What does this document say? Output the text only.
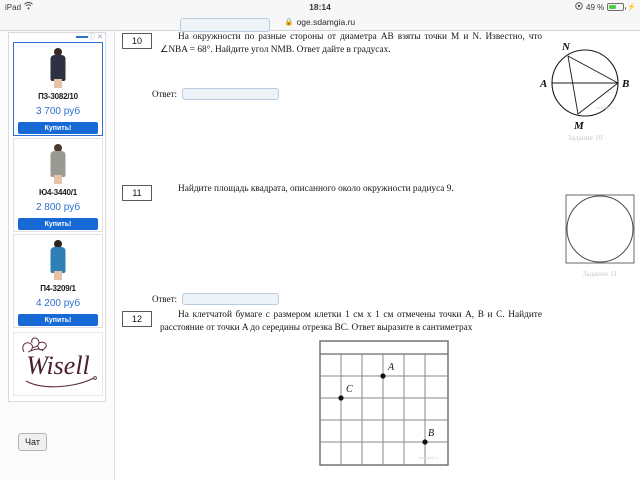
iPad	18:14	49 %	⚡
🔒 oge.sdamgia.ru
ⓘ ✕
П3-3082/10
3 700 руб
Купить!
Ю4-3440/1
2 800 руб
Купить!
П4-3209/1
4 200 руб
Купить!
Wisell
Чат
10	На окружности по разные стороны от диаметра AB взяты точки M и N. Известно, что ∠NBA = 68°. Найдите угол NMB. Ответ дайте в градусах.
Ответ:
A	B
M
N
sdamgia.ru
Задание 10
11	Найдите площадь квадрата, описанного около окружности радиуса 9.
Ответ:
Задание 11
12	На клетчатой бумаге с размером клетки 1 см х 1 см отмечены точки A, B и C. Найдите расстояние от точки A до середины отрезка BC. Ответ выразите в сантиметрах
A
B
C
sdamgia.ru
